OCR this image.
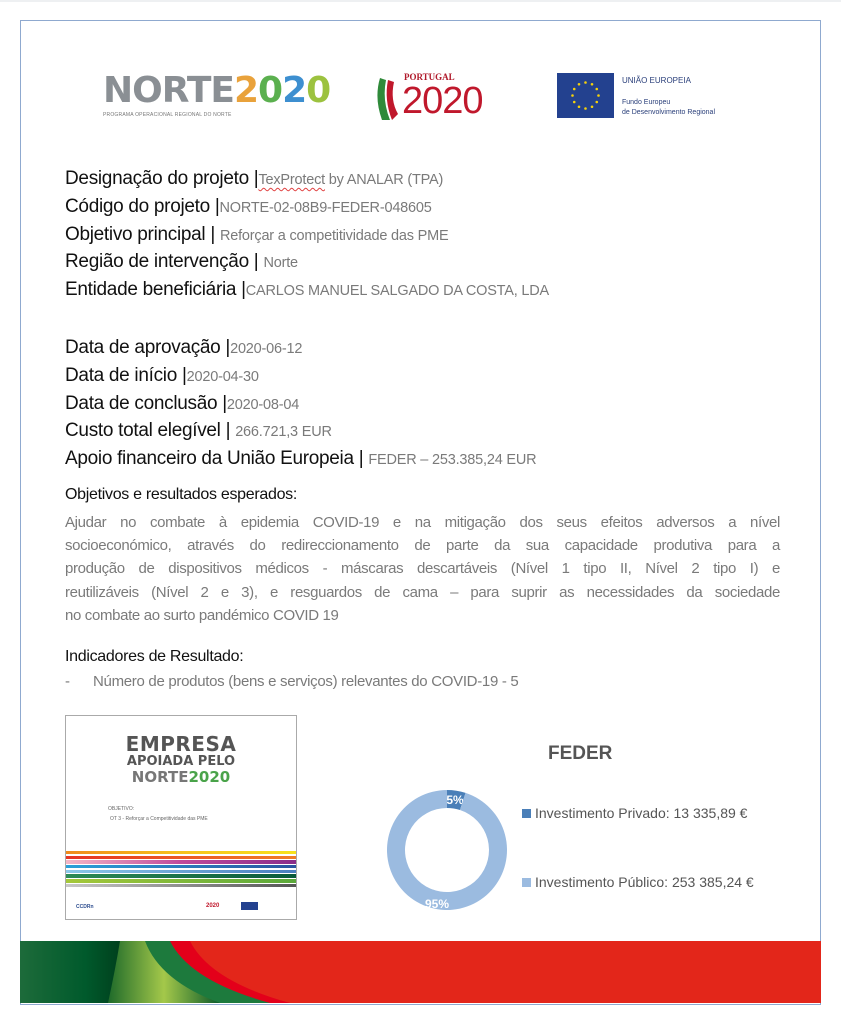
NORTE2020
PROGRAMA OPERACIONAL REGIONAL DO NORTE
PORTUGAL
2020	UNIÃO EUROPEIA
Fundo Europeu
de Desenvolvimento Regional
Designação do projeto |TexProtect by ANALAR (TPA)
Código do projeto |NORTE-02-08B9-FEDER-048605
Objetivo principal | Reforçar a competitividade das PME
Região de intervenção | Norte
Entidade beneficiária |CARLOS MANUEL SALGADO DA COSTA, LDA
Data de aprovação |2020-06-12
Data de início |2020-04-30
Data de conclusão |2020-08-04
Custo total elegível | 266.721,3 EUR
Apoio financeiro da União Europeia | FEDER – 253.385,24 EUR
Objetivos e resultados esperados:
Ajudar no combate à epidemia COVID-19 e na mitigação dos seus efeitos adversos a nível
socioeconómico, através do redireccionamento de parte da sua capacidade produtiva para a
produção de dispositivos médicos - máscaras descartáveis (Nível 1 tipo II, Nível 2 tipo I) e
reutilizáveis (Nível 2 e 3), e resguardos de cama – para suprir as necessidades da sociedade
no combate ao surto pandémico COVID 19
Indicadores de Resultado:
- Número de produtos (bens e serviços) relevantes do COVID-19 - 5
EMPRESA
APOIADA PELO
NORTE2020
OBJETIVO:
OT 3 - Reforçar a Competitividade das PME
CCDRn	2020
FEDER
5%
95%
Investimento Privado: 13 335,89 €
Investimento Público: 253 385,24 €
